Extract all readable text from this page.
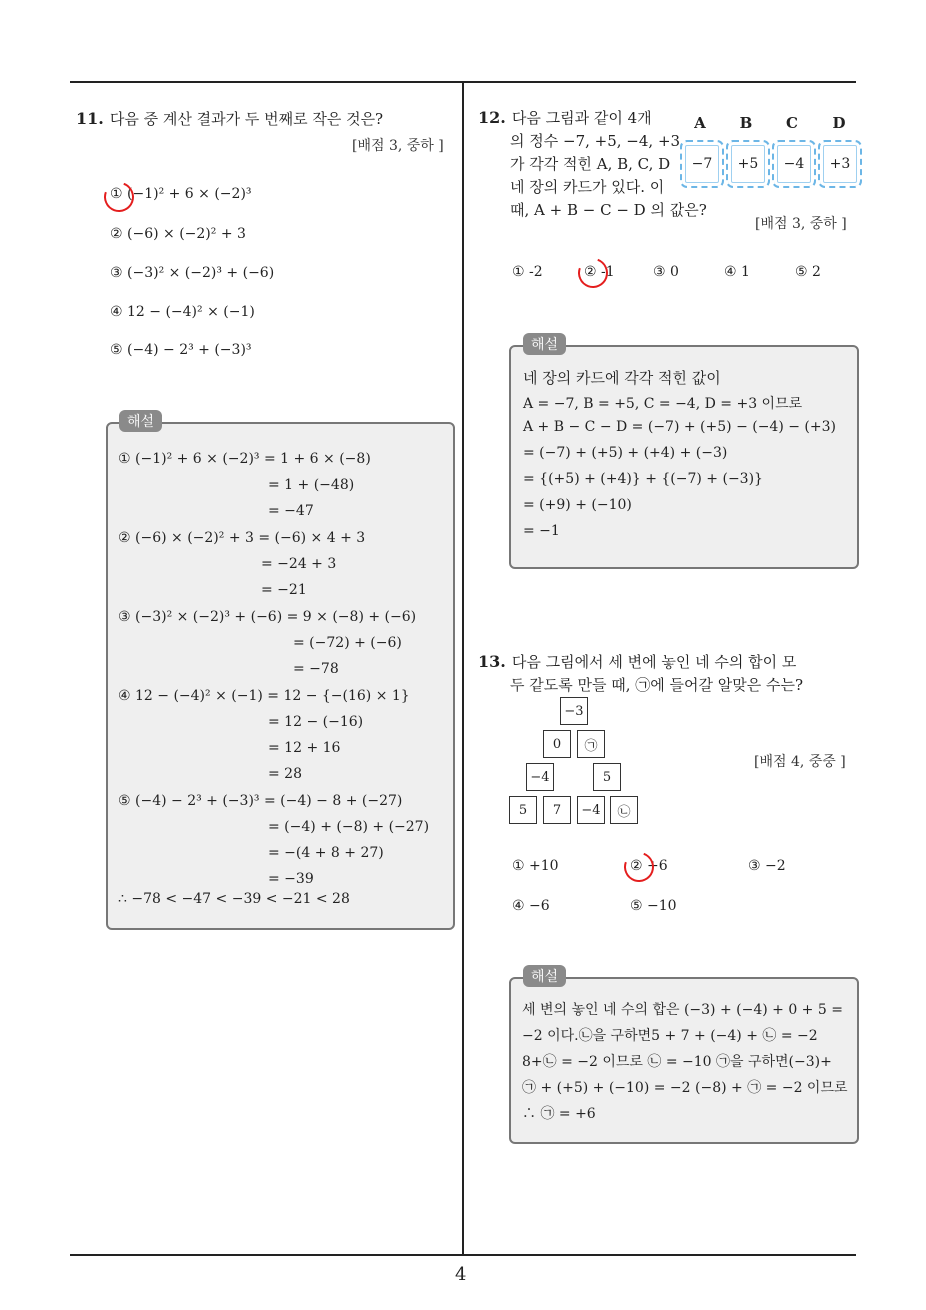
4
11. 다음 중 계산 결과가 두 번째로 작은 것은?
[배점 3, 중하 ]
① (−1)² + 6 × (−2)³
② (−6) × (−2)² + 3
③ (−3)² × (−2)³ + (−6)
④ 12 − (−4)² × (−1)
⑤ (−4) − 2³ + (−3)³
해설
① (−1)² + 6 × (−2)³ = 1 + 6 × (−8)
= 1 + (−48)
= −47
② (−6) × (−2)² + 3 = (−6) × 4 + 3
= −24 + 3
= −21
③ (−3)² × (−2)³ + (−6) = 9 × (−8) + (−6)
= (−72) + (−6)
= −78
④ 12 − (−4)² × (−1) = 12 − {−(16) × 1}
= 12 − (−16)
= 12 + 16
= 28
⑤ (−4) − 2³ + (−3)³ = (−4) − 8 + (−27)
= (−4) + (−8) + (−27)
= −(4 + 8 + 27)
= −39
∴ −78 < −47 < −39 < −21 < 28
12. 다음 그림과 같이 4개
의 정수 −7, +5, −4, +3
가 각각 적힌 A, B, C, D
네 장의 카드가 있다. 이
때, A + B − C − D 의 값은?
[배점 3, 중하 ]
A B C D
−7	+5	−4	+3
① -2	② -1	③ 0	④ 1	⑤ 2
해설
네 장의 카드에 각각 적힌 값이
A = −7, B = +5, C = −4, D = +3 이므로
A + B − C − D = (−7) + (+5) − (−4) − (+3)
= (−7) + (+5) + (+4) + (−3)
= {(+5) + (+4)} + {(−7) + (−3)}
= (+9) + (−10)
= −1
13. 다음 그림에서 세 변에 놓인 네 수의 합이 모
두 같도록 만들 때, ㉠에 들어갈 알맞은 수는?
[배점 4, 중중 ]
−3
0	㉠
−4	5
5	7	−4	㉡
① +10	② +6	③ −2
④ −6	⑤ −10
해설
세 변의 놓인 네 수의 합은 (−3) + (−4) + 0 + 5 =
−2 이다.㉡을 구하면5 + 7 + (−4) + ㉡ = −2
8+㉡ = −2 이므로 ㉡ = −10 ㉠을 구하면(−3)+
㉠ + (+5) + (−10) = −2 (−8) + ㉠ = −2 이므로
∴ ㉠ = +6
